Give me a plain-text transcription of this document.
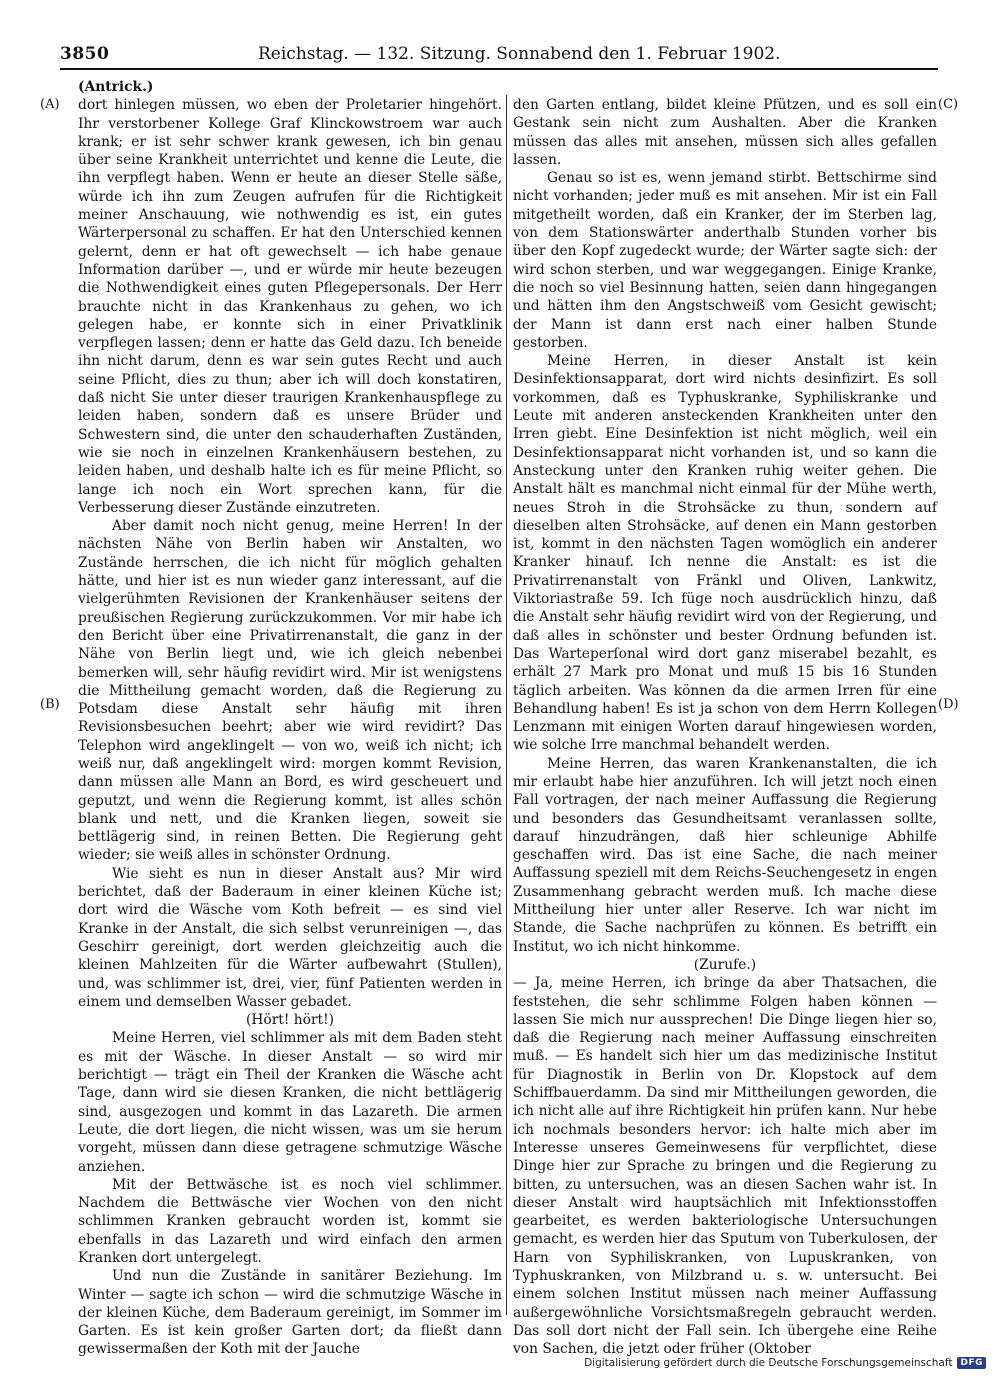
3850	Reichstag. — 132. Sitzung. Sonnabend den 1. Februar 1902.
(A)
(B)
(C)
(D)

(Antrick.)

dort hinlegen müssen, wo eben der Proletarier hingehört. Ihr verstorbener Kollege Graf Klinckowstroem war auch krank; er ist sehr schwer krank gewesen, ich bin genau über seine Krankheit unterrichtet und kenne die Leute, die ihn verpflegt haben. Wenn er heute an dieser Stelle säße, würde ich ihn zum Zeugen aufrufen für die Richtigkeit meiner Anschauung, wie nothwendig es ist, ein gutes Wärterpersonal zu schaffen. Er hat den Unterschied kennen gelernt, denn er hat oft gewechselt — ich habe genaue Information darüber —, und er würde mir heute bezeugen die Nothwendigkeit eines guten Pflegepersonals. Der Herr brauchte nicht in das Krankenhaus zu gehen, wo ich gelegen habe, er konnte sich in einer Privatklinik verpflegen lassen; denn er hatte das Geld dazu. Ich beneide ihn nicht darum, denn es war sein gutes Recht und auch seine Pflicht, dies zu thun; aber ich will doch konstatiren, daß nicht Sie unter dieser traurigen Krankenhauspflege zu leiden haben, sondern daß es unsere Brüder und Schwestern sind, die unter den schauderhaften Zuständen, wie sie noch in einzelnen Krankenhäusern bestehen, zu leiden haben, und deshalb halte ich es für meine Pflicht, so lange ich noch ein Wort sprechen kann, für die Verbesserung dieser Zustände einzutreten.

Aber damit noch nicht genug, meine Herren! In der nächsten Nähe von Berlin haben wir Anstalten, wo Zustände herrschen, die ich nicht für möglich gehalten hätte, und hier ist es nun wieder ganz interessant, auf die vielgerühmten Revisionen der Krankenhäuser seitens der preußischen Regierung zurückzukommen. Vor mir habe ich den Bericht über eine Privatirrenanstalt, die ganz in der Nähe von Berlin liegt und, wie ich gleich nebenbei bemerken will, sehr häufig revidirt wird. Mir ist wenigstens die Mittheilung gemacht worden, daß die Regierung zu Potsdam diese Anstalt sehr häufig mit ihren Revisionsbesuchen beehrt; aber wie wird revidirt? Das Telephon wird angeklingelt — von wo, weiß ich nicht; ich weiß nur, daß angeklingelt wird: morgen kommt Revision, dann müssen alle Mann an Bord, es wird gescheuert und geputzt, und wenn die Regierung kommt, ist alles schön blank und nett, und die Kranken liegen, soweit sie bettlägerig sind, in reinen Betten. Die Regierung geht wieder; sie weiß alles in schönster Ordnung.

Wie sieht es nun in dieser Anstalt aus? Mir wird berichtet, daß der Baderaum in einer kleinen Küche ist; dort wird die Wäsche vom Koth befreit — es sind viel Kranke in der Anstalt, die sich selbst verunreinigen —, das Geschirr gereinigt, dort werden gleichzeitig auch die kleinen Mahlzeiten für die Wärter aufbewahrt (Stullen), und, was schlimmer ist, drei, vier, fünf Patienten werden in einem und demselben Wasser gebadet.

(Hört! hört!)

Meine Herren, viel schlimmer als mit dem Baden steht es mit der Wäsche. In dieser Anstalt — so wird mir berichtigt — trägt ein Theil der Kranken die Wäsche acht Tage, dann wird sie diesen Kranken, die nicht bettlägerig sind, ausgezogen und kommt in das Lazareth. Die armen Leute, die dort liegen, die nicht wissen, was um sie herum vorgeht, müssen dann diese getragene schmutzige Wäsche anziehen.

Mit der Bettwäsche ist es noch viel schlimmer. Nachdem die Bettwäsche vier Wochen von den nicht schlimmen Kranken gebraucht worden ist, kommt sie ebenfalls in das Lazareth und wird einfach den armen Kranken dort untergelegt.

Und nun die Zustände in sanitärer Beziehung. Im Winter — sagte ich schon — wird die schmutzige Wäsche in der kleinen Küche, dem Baderaum gereinigt, im Sommer im Garten. Es ist kein großer Garten dort; da fließt dann gewissermaßen der Koth mit der Jauche

den Garten entlang, bildet kleine Pfützen, und es soll ein Gestank sein nicht zum Aushalten. Aber die Kranken müssen das alles mit ansehen, müssen sich alles gefallen lassen.

Genau so ist es, wenn jemand stirbt. Bettschirme sind nicht vorhanden; jeder muß es mit ansehen. Mir ist ein Fall mitgetheilt worden, daß ein Kranker, der im Sterben lag, von dem Stationswärter anderthalb Stunden vorher bis über den Kopf zugedeckt wurde; der Wärter sagte sich: der wird schon sterben, und war weggegangen. Einige Kranke, die noch so viel Besinnung hatten, seien dann hingegangen und hätten ihm den Angstschweiß vom Gesicht gewischt; der Mann ist dann erst nach einer halben Stunde gestorben.

Meine Herren, in dieser Anstalt ist kein Desinfektionsapparat, dort wird nichts desinfizirt. Es soll vorkommen, daß es Typhuskranke, Syphiliskranke und Leute mit anderen ansteckenden Krankheiten unter den Irren giebt. Eine Desinfektion ist nicht möglich, weil ein Desinfektionsapparat nicht vorhanden ist, und so kann die Ansteckung unter den Kranken ruhig weiter gehen. Die Anstalt hält es manchmal nicht einmal für der Mühe werth, neues Stroh in die Strohsäcke zu thun, sondern auf dieselben alten Strohsäcke, auf denen ein Mann gestorben ist, kommt in den nächsten Tagen womöglich ein anderer Kranker hinauf. Ich nenne die Anstalt: es ist die Privatirrenanstalt von Fränkl und Oliven, Lankwitz, Viktoriastraße 59. Ich füge noch ausdrücklich hinzu, daß die Anstalt sehr häufig revidirt wird von der Regierung, und daß alles in schönster und bester Ordnung befunden ist. Das Warteperſonal wird dort ganz miserabel bezahlt, es erhält 27 Mark pro Monat und muß 15 bis 16 Stunden täglich arbeiten. Was können da die armen Irren für eine Behandlung haben! Es ist ja schon von dem Herrn Kollegen Lenzmann mit einigen Worten darauf hingewiesen worden, wie solche Irre manchmal behandelt werden.

Meine Herren, das waren Krankenanstalten, die ich mir erlaubt habe hier anzuführen. Ich will jetzt noch einen Fall vortragen, der nach meiner Auffassung die Regierung und besonders das Gesundheitsamt veranlassen sollte, darauf hinzudrängen, daß hier schleunige Abhilfe geschaffen wird. Das ist eine Sache, die nach meiner Auffassung speziell mit dem Reichs-Seuchengesetz in engen Zusammenhang gebracht werden muß. Ich mache diese Mittheilung hier unter aller Reserve. Ich war nicht im Stande, die Sache nachprüfen zu können. Es betrifft ein Institut, wo ich nicht hinkomme.

(Zurufe.)

— Ja, meine Herren, ich bringe da aber Thatsachen, die feststehen, die sehr schlimme Folgen haben können — lassen Sie mich nur aussprechen! Die Dinge liegen hier so, daß die Regierung nach meiner Auffassung einschreiten muß. — Es handelt sich hier um das medizinische Institut für Diagnostik in Berlin von Dr. Klopstock auf dem Schiffbauerdamm. Da sind mir Mittheilungen geworden, die ich nicht alle auf ihre Richtigkeit hin prüfen kann. Nur hebe ich nochmals besonders hervor: ich halte mich aber im Interesse unseres Gemeinwesens für verpflichtet, diese Dinge hier zur Sprache zu bringen und die Regierung zu bitten, zu untersuchen, was an diesen Sachen wahr ist. In dieser Anstalt wird hauptsächlich mit Infektionsstoffen gearbeitet, es werden bakteriologische Untersuchungen gemacht, es werden hier das Sputum von Tuberkulosen, der Harn von Syphiliskranken, von Lupuskranken, von Typhuskranken, von Milzbrand u. s. w. untersucht. Bei einem solchen Institut müssen nach meiner Auffassung außergewöhnliche Vorsichtsmaßregeln gebraucht werden. Das soll dort nicht der Fall sein. Ich übergehe eine Reihe von Sachen, die jetzt oder früher (Oktober

Digitalisierung gefördert durch die Deutsche Forschungsgemeinschaft DFG
